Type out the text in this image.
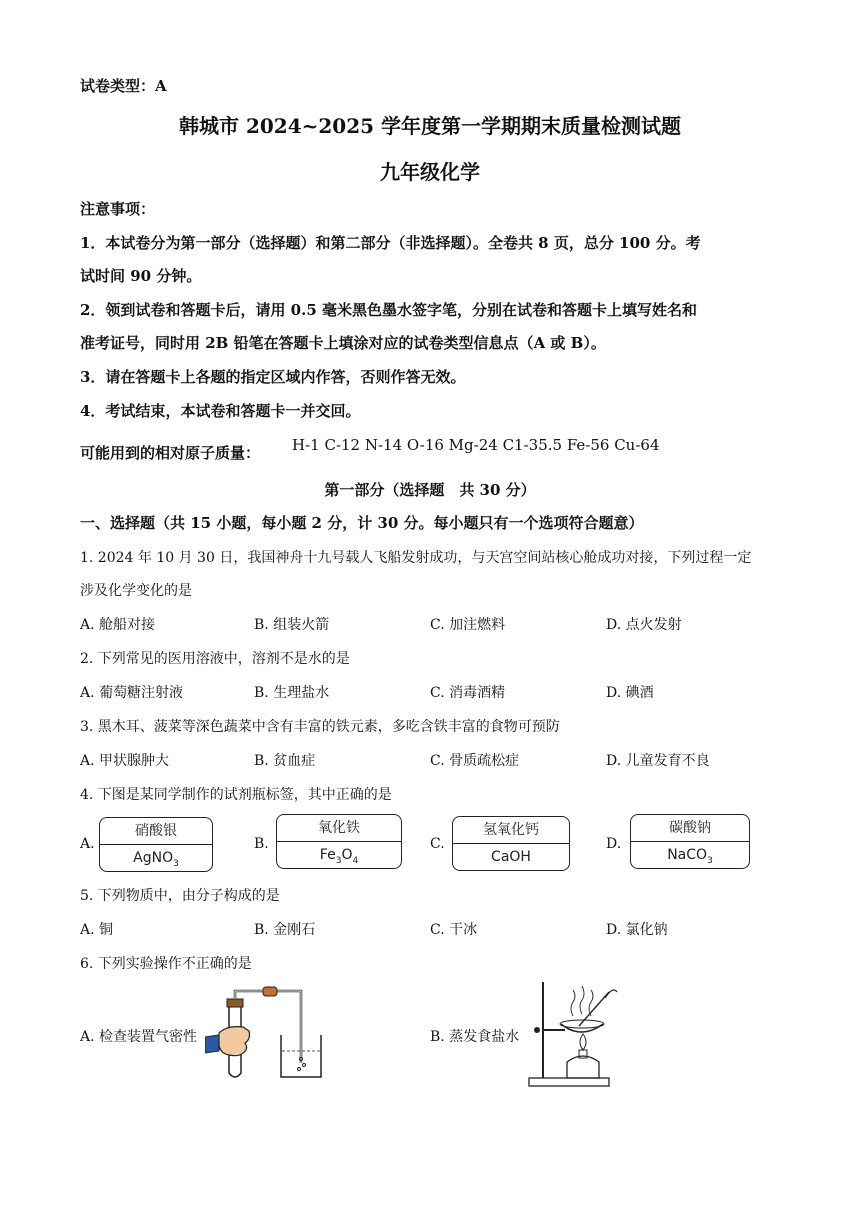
试卷类型：A
韩城市 2024~2025 学年度第一学期期末质量检测试题
九年级化学
注意事项：
1．本试卷分为第一部分（选择题）和第二部分（非选择题）。全卷共 8 页，总分 100 分。考
试时间 90 分钟。
2．领到试卷和答题卡后，请用 0.5 毫米黑色墨水签字笔，分别在试卷和答题卡上填写姓名和
准考证号，同时用 2B 铅笔在答题卡上填涂对应的试卷类型信息点（A 或 B）。
3．请在答题卡上各题的指定区域内作答，否则作答无效。
4．考试结束，本试卷和答题卡一并交回。
可能用到的相对原子质量： H-1 C-12 N-14 O-16 Mg-24 C1-35.5 Fe-56 Cu-64
第一部分（选择题　共 30 分）
一、选择题（共 15 小题，每小题 2 分，计 30 分。每小题只有一个选项符合题意）
1. 2024 年 10 月 30 日，我国神舟十九号载人飞船发射成功，与天宫空间站核心舱成功对接，下列过程一定
涉及化学变化的是
A. 舱船对接	B. 组装火箭	C. 加注燃料	D. 点火发射
2. 下列常见的医用溶液中，溶剂不是水的是
A. 葡萄糖注射液	B. 生理盐水	C. 消毒酒精	D. 碘酒
3. 黑木耳、菠菜等深色蔬菜中含有丰富的铁元素，多吃含铁丰富的食物可预防
A. 甲状腺肿大	B. 贫血症	C. 骨质疏松症	D. 儿童发育不良
4. 下图是某同学制作的试剂瓶标签，其中正确的是
A.
硝酸银
AgNO$_3$
B.
氧化铁
$Fe_3O_4$
C.
氢氧化钙
CaOH
D.
碳酸钠
NaCO$_3$
5. 下列物质中，由分子构成的是
A. 铜	B. 金刚石	C. 干冰	D. 氯化钠
6. 下列实验操作不正确的是
A. 检查装置气密性	B. 蒸发食盐水
